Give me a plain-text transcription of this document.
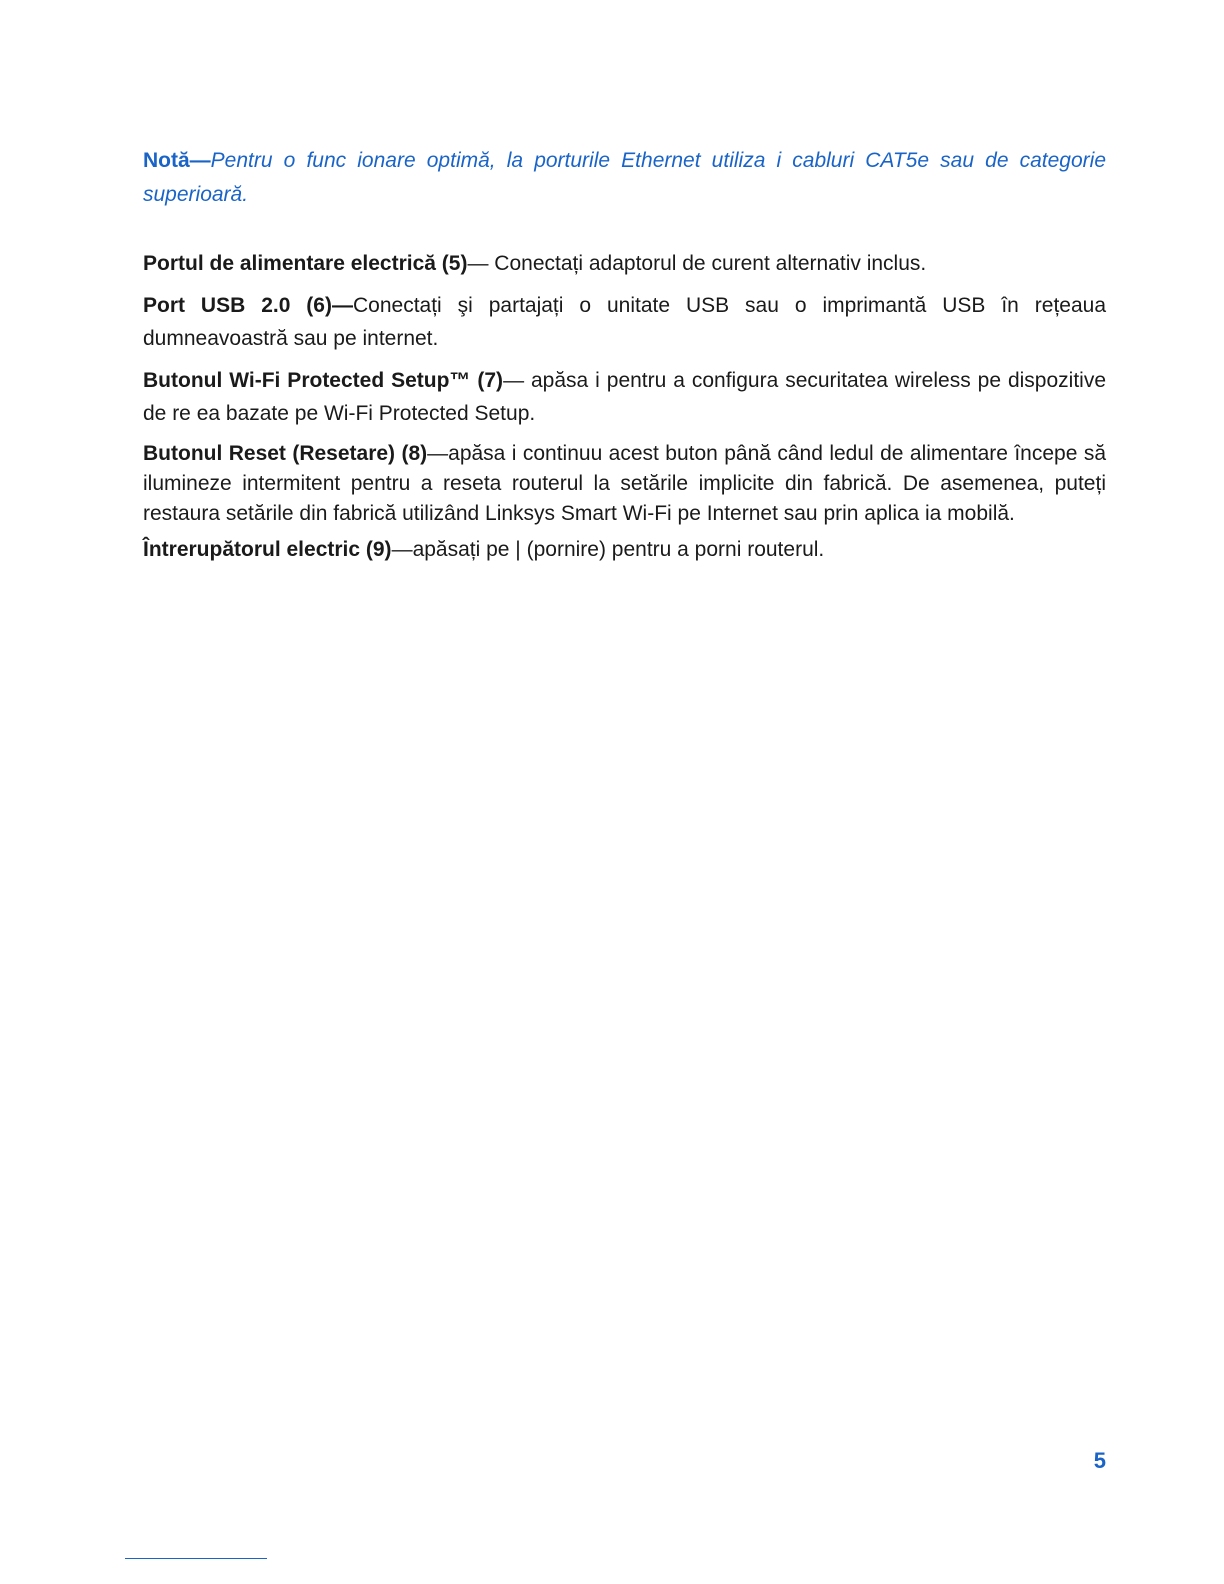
Notă—Pentru o func ionare optimă, la porturile Ethernet utiliza i cabluri CAT5e sau de categorie superioară.

Portul de alimentare electrică (5)— Conectați adaptorul de curent alternativ inclus.

Port USB 2.0 (6)—Conectați şi partajați o unitate USB sau o imprimantă USB în rețeaua dumneavoastră sau pe internet.

Butonul Wi-Fi Protected Setup™ (7)— apăsa i pentru a configura securitatea wireless pe dispozitive de re ea bazate pe Wi-Fi Protected Setup.

Butonul Reset (Resetare) (8)—apăsa i continuu acest buton până când ledul de alimentare începe să ilumineze intermitent pentru a reseta routerul la setările implicite din fabrică. De asemenea, puteți restaura setările din fabrică utilizând Linksys Smart Wi-Fi pe Internet sau prin aplica ia mobilă.

Întrerupătorul electric (9)—apăsați pe | (pornire) pentru a porni routerul.

5
